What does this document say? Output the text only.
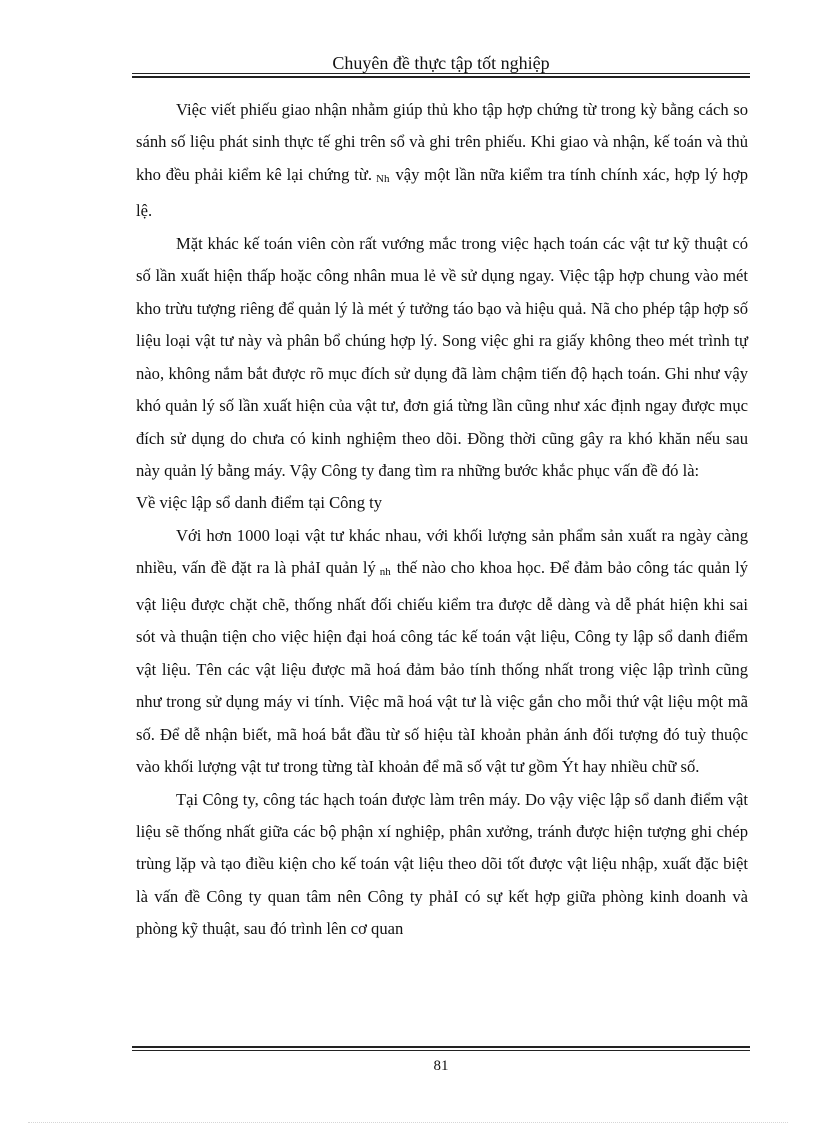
Chuyên đề thực tập tốt nghiệp

Việc viết phiếu giao nhận nhằm giúp thủ kho tập hợp chứng từ trong kỳ bằng cách so sánh số liệu phát sinh thực tế ghi trên sổ và ghi trên phiếu. Khi giao và nhận, kế toán và thủ kho đều phải kiểm kê lại chứng từ. Nh vậy một lần nữa kiểm tra tính chính xác, hợp lý hợp lệ.

Mặt khác kế toán viên còn rất vướng mắc trong việc hạch toán các vật tư kỹ thuật có số lần xuất hiện thấp hoặc công nhân mua lẻ về sử dụng ngay. Việc tập hợp chung vào mét kho trừu tượng riêng để quản lý là mét ý tưởng táo bạo và hiệu quả. Nã cho phép tập hợp số liệu loại vật tư này và phân bổ chúng hợp lý. Song việc ghi ra giấy không theo mét trình tự nào, không nắm bắt được rõ mục đích sử dụng đã làm chậm tiến độ hạch toán. Ghi như vậy khó quản lý số lần xuất hiện của vật tư, đơn giá từng lần cũng như xác định ngay được mục đích sử dụng do chưa có kinh nghiệm theo dõi. Đồng thời cũng gây ra khó khăn nếu sau này quản lý bằng máy. Vậy Công ty đang tìm ra những bước khắc phục vấn đề đó là:

Về việc lập sổ danh điểm tại Công ty

Với hơn 1000 loại vật tư khác nhau, với khối lượng sản phẩm sản xuất ra ngày càng nhiều, vấn đề đặt ra là phảI quản lý nh thế nào cho khoa học. Để đảm bảo công tác quản lý vật liệu được chặt chẽ, thống nhất đối chiếu kiểm tra được dễ dàng và dễ phát hiện khi sai sót và thuận tiện cho việc hiện đại hoá công tác kế toán vật liệu, Công ty lập sổ danh điểm vật liệu. Tên các vật liệu được mã hoá đảm bảo tính thống nhất trong việc lập trình cũng như trong sử dụng máy vi tính. Việc mã hoá vật tư là việc gắn cho mỗi thứ vật liệu một mã số. Để dễ nhận biết, mã hoá bắt đầu từ số hiệu tàI khoản phản ánh đối tượng đó tuỳ thuộc vào khối lượng vật tư trong từng tàI khoản để mã số vật tư gồm Ýt hay nhiều chữ số.

Tại Công ty, công tác hạch toán được làm trên máy. Do vậy việc lập sổ danh điểm vật liệu sẽ thống nhất giữa các bộ phận xí nghiệp, phân xưởng, tránh được hiện tượng ghi chép trùng lặp và tạo điều kiện cho kế toán vật liệu theo dõi tốt được vật liệu nhập, xuất đặc biệt là vấn đề Công ty quan tâm nên Công ty phảI có sự kết hợp giữa phòng kinh doanh và phòng kỹ thuật, sau đó trình lên cơ quan

81
